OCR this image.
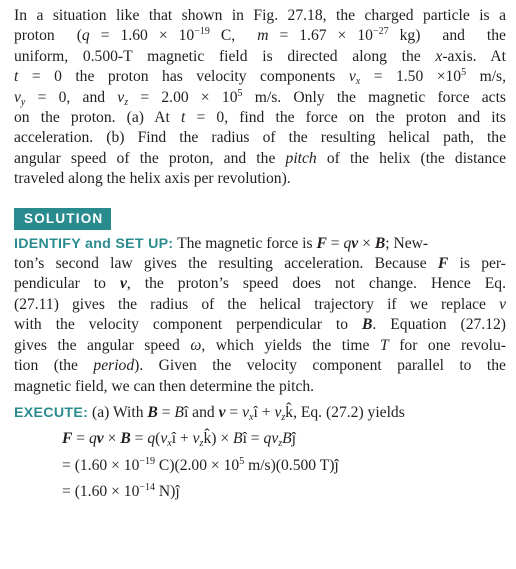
In a situation like that shown in Fig. 27.18, the charged particle is a
proton  ($q = 1.60 \times 10^{-19}$ C,  $m = 1.67 \times 10^{-27}$ kg)  and  the
uniform, 0.500-T magnetic field is directed along the x-axis. At
t = 0 the proton has velocity components $v_x = 1.50 \times 10^5$ m/s,
$v_y = 0$, and $v_z = 2.00 \times 10^5$ m/s. Only the magnetic force acts
on the proton. (a) At t = 0, find the force on the proton and its
acceleration. (b) Find the radius of the resulting helical path, the
angular speed of the proton, and the pitch of the helix (the distance
traveled along the helix axis per revolution).
SOLUTION
IDENTIFY and SET UP: The magnetic force is F = qv × B; New-
ton’s second law gives the resulting acceleration. Because F is per-
pendicular to v, the proton’s speed does not change. Hence Eq.
(27.11) gives the radius of the helical trajectory if we replace v
with the velocity component perpendicular to B. Equation (27.12)
gives the angular speed ω, which yields the time T for one revolu-
tion (the period). Given the velocity component parallel to the
magnetic field, we can then determine the pitch.
EXECUTE: (a) With B = Bî and $v = v_xî$ + $v_zk̂$, Eq. (27.2) yields
F = qv × $B = q(v_xî$ + $v_zk̂$) × Bî = $qv_zBĵ$
= ($1.60 \times 10^{-19}$ $C)(2.00 \times 10^5$ m/s)(0.500 T)ĵ
= ($1.60 \times 10^{-14}$ N)ĵ
